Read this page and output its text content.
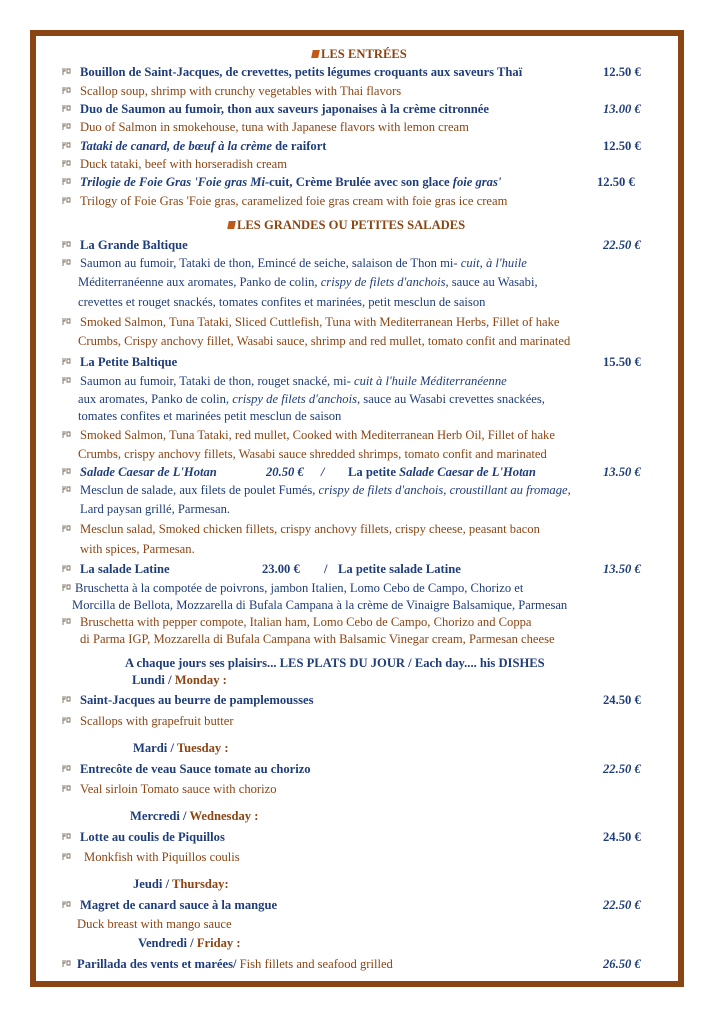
LES ENTRÉES
Bouillon de Saint-Jacques, de crevettes, petits légumes croquants aux saveurs Thaï	12.50 €
Scallop soup, shrimp with crunchy vegetables with Thai flavors
Duo de Saumon au fumoir, thon aux saveurs japonaises à la crème citronnée	13.00 €
Duo of Salmon in smokehouse, tuna with Japanese flavors with lemon cream
Tataki de canard, de bœuf à la crème de raifort	12.50 €
Duck tataki, beef with horseradish cream
Trilogie de Foie Gras 'Foie gras Mi-cuit, Crème Brulée avec son glace foie gras'	12.50 €
Trilogy of Foie Gras 'Foie gras, caramelized foie gras cream with foie gras ice cream
LES GRANDES OU PETITES SALADES
La Grande Baltique	22.50 €
Saumon au fumoir, Tataki de thon, Emincé de seiche, salaison de Thon mi- cuit, à l'huile
Méditerranéenne aux aromates, Panko de colin, crispy de filets d'anchois, sauce au Wasabi,
crevettes et rouget snackés, tomates confites et marinées, petit mesclun de saison
Smoked Salmon, Tuna Tataki, Sliced Cuttlefish, Tuna with Mediterranean Herbs, Fillet of hake
Crumbs, Crispy anchovy fillet, Wasabi sauce, shrimp and red mullet, tomato confit and marinated
La Petite Baltique	15.50 €
Saumon au fumoir, Tataki de thon, rouget snacké, mi- cuit à l'huile Méditerranéenne
aux aromates, Panko de colin, crispy de filets d'anchois, sauce au Wasabi crevettes snackées,
tomates confites et marinées petit mesclun de saison
Smoked Salmon, Tuna Tataki, red mullet, Cooked with Mediterranean Herb Oil, Fillet of hake
Crumbs, crispy anchovy fillets, Wasabi sauce shredded shrimps, tomato confit and marinated
Salade Caesar de L'Hotan	20.50 € / La petite Salade Caesar de L'Hotan	13.50 €
Mesclun de salade, aux filets de poulet Fumés, crispy de filets d'anchois, croustillant au fromage,
Lard paysan grillé, Parmesan.
Mesclun salad, Smoked chicken fillets, crispy anchovy fillets, crispy cheese, peasant bacon
with spices, Parmesan.
La salade Latine	23.00 € / La petite salade Latine	13.50 €
Bruschetta à la compotée de poivrons, jambon Italien, Lomo Cebo de Campo, Chorizo et
Morcilla de Bellota, Mozzarella di Bufala Campana à la crème de Vinaigre Balsamique, Parmesan
Bruschetta with pepper compote, Italian ham, Lomo Cebo de Campo, Chorizo and Coppa
di Parma IGP, Mozzarella di Bufala Campana with Balsamic Vinegar cream, Parmesan cheese
A chaque jours ses plaisirs... LES PLATS DU JOUR / Each day.... his DISHES
Lundi / Monday :
Saint-Jacques au beurre de pamplemousses	24.50 €
Scallops with grapefruit butter
Mardi / Tuesday :
Entrecôte de veau Sauce tomate au chorizo	22.50 €
Veal sirloin Tomato sauce with chorizo
Mercredi / Wednesday :
Lotte au coulis de Piquillos	24.50 €
Monkfish with Piquillos coulis
Jeudi / Thursday:
Magret de canard sauce à la mangue	22.50 €
Duck breast with mango sauce
Vendredi / Friday :
Parillada des vents et marées/ Fish fillets and seafood grilled	26.50 €
